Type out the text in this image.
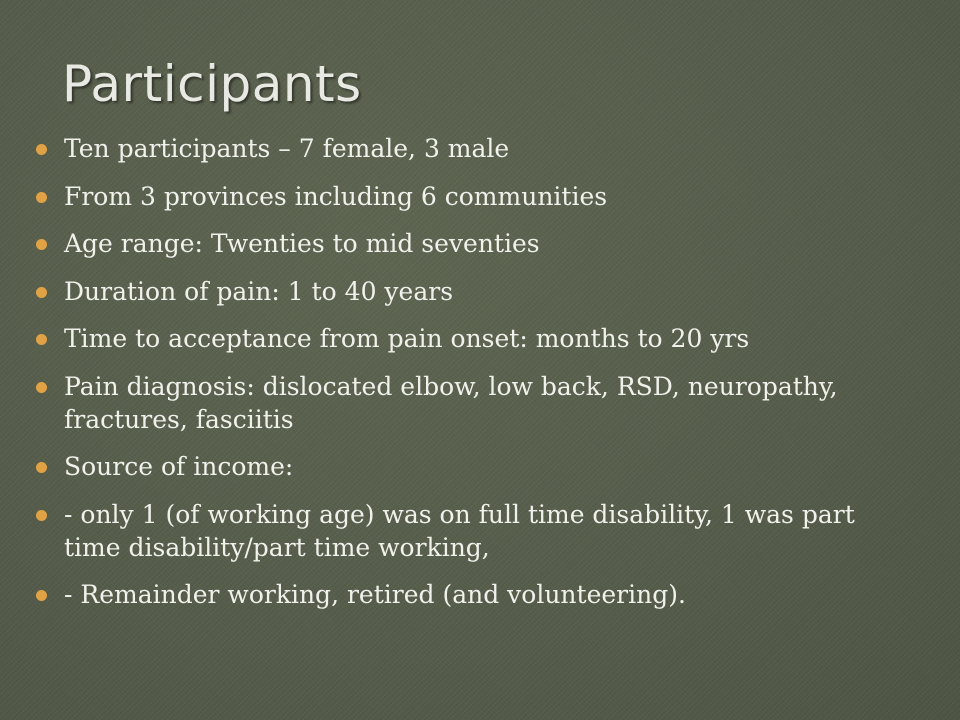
Participants
Ten participants – 7 female, 3 male
From 3 provinces including 6 communities
Age range: Twenties to mid seventies
Duration of pain: 1 to 40 years
Time to acceptance from pain onset: months to 20 yrs
Pain diagnosis: dislocated elbow, low back, RSD, neuropathy, fractures, fasciitis
Source of income:
- only 1 (of working age) was on full time disability, 1 was part time disability/part time working,
- Remainder working, retired (and volunteering).
